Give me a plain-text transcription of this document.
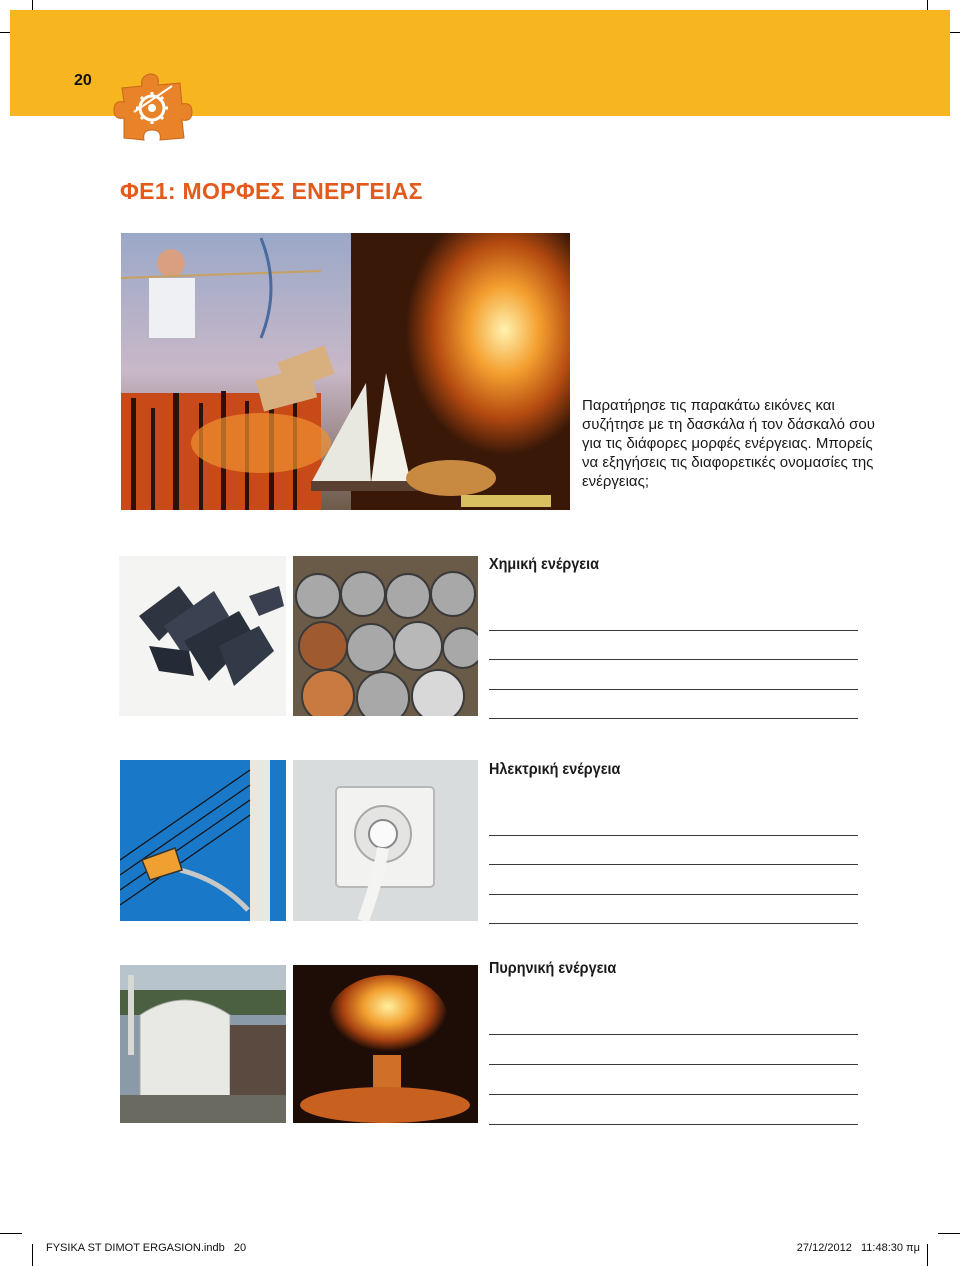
20
ΦΕ1: ΜΟΡΦΕΣ ΕΝΕΡΓΕΙΑΣ
Παρατήρησε τις παρακάτω εικόνες και συζήτησε με τη δασκάλα ή τον δάσκαλό σου για τις διάφορες μορφές ενέργειας. Μπορείς να εξηγήσεις τις διαφορετικές ονομασίες της ενέργειας;
Χημική ενέργεια
Ηλεκτρική ενέργεια
Πυρηνική ενέργεια
FYSIKA ST DIMOT ERGASION.indb   20	27/12/2012   11:48:30 πμ
